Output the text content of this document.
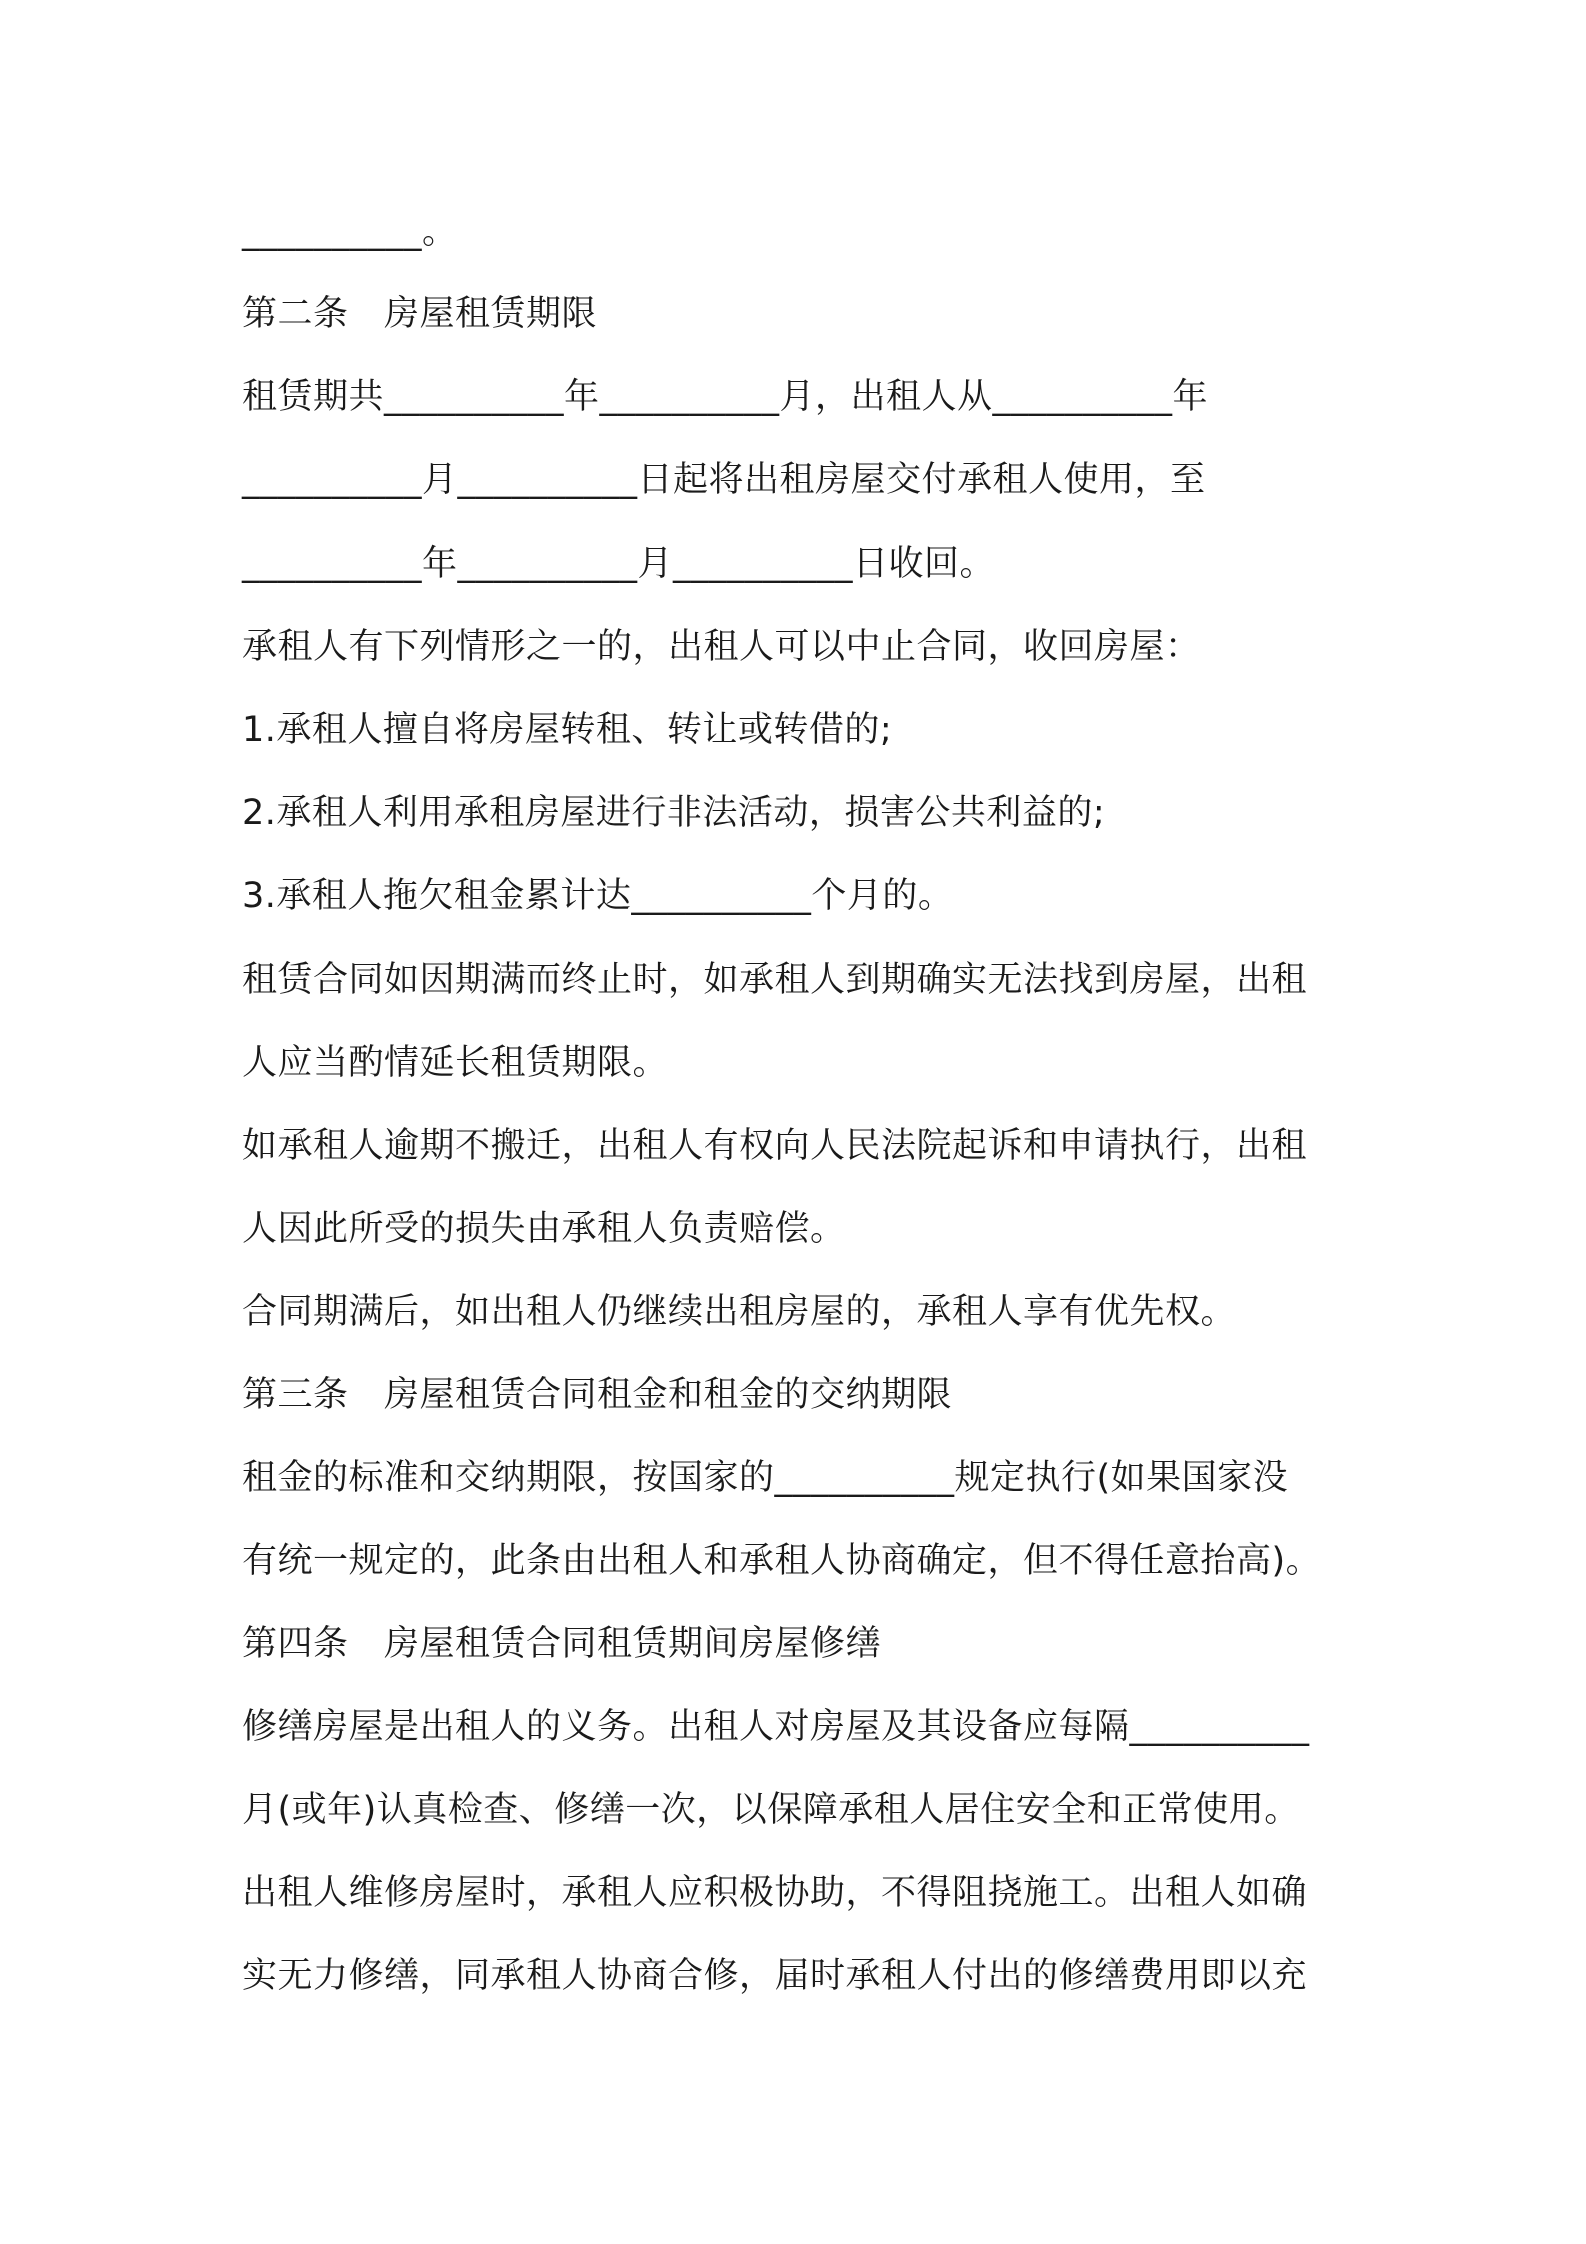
__________。
第二条　房屋租赁期限
租赁期共__________年__________月，出租人从__________年
__________月__________日起将出租房屋交付承租人使用，至
__________年__________月__________日收回。
承租人有下列情形之一的，出租人可以中止合同，收回房屋：
1.承租人擅自将房屋转租、转让或转借的;
2.承租人利用承租房屋进行非法活动，损害公共利益的;
3.承租人拖欠租金累计达__________个月的。
租赁合同如因期满而终止时，如承租人到期确实无法找到房屋，出租
人应当酌情延长租赁期限。
如承租人逾期不搬迁，出租人有权向人民法院起诉和申请执行，出租
人因此所受的损失由承租人负责赔偿。
合同期满后，如出租人仍继续出租房屋的，承租人享有优先权。
第三条　房屋租赁合同租金和租金的交纳期限
租金的标准和交纳期限，按国家的__________规定执行(如果国家没
有统一规定的，此条由出租人和承租人协商确定，但不得任意抬高)。
第四条　房屋租赁合同租赁期间房屋修缮
修缮房屋是出租人的义务。出租人对房屋及其设备应每隔__________
月(或年)认真检查、修缮一次，以保障承租人居住安全和正常使用。
出租人维修房屋时，承租人应积极协助，不得阻挠施工。出租人如确
实无力修缮，同承租人协商合修，届时承租人付出的修缮费用即以充
